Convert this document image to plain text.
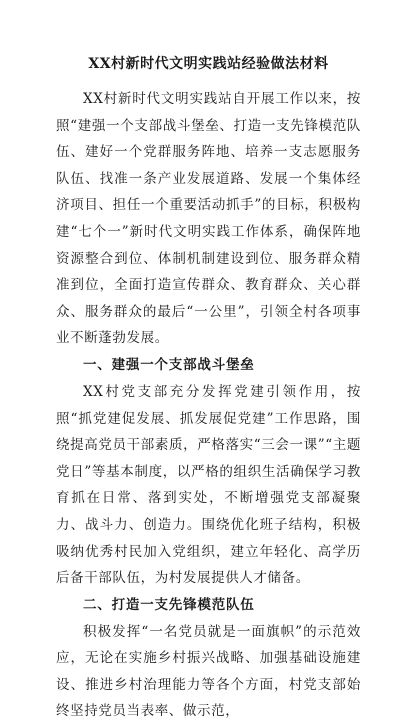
XX村新时代文明实践站经验做法材料

XX村新时代文明实践站自开展工作以来，按照“建强一个支部战斗堡垒、打造一支先锋模范队伍、建好一个党群服务阵地、培养一支志愿服务队伍、找准一条产业发展道路、发展一个集体经济项目、担任一个重要活动抓手”的目标，积极构建“七个一”新时代文明实践工作体系，确保阵地资源整合到位、体制机制建设到位、服务群众精准到位，全面打造宣传群众、教育群众、关心群众、服务群众的最后“一公里”，引领全村各项事业不断蓬勃发展。

一、建强一个支部战斗堡垒

XX村党支部充分发挥党建引领作用，按照“抓党建促发展、抓发展促党建”工作思路，围绕提高党员干部素质，严格落实“三会一课”“主题党日”等基本制度，以严格的组织生活确保学习教育抓在日常、落到实处，不断增强党支部凝聚力、战斗力、创造力。围绕优化班子结构，积极吸纳优秀村民加入党组织，建立年轻化、高学历后备干部队伍，为村发展提供人才储备。

二、打造一支先锋模范队伍

积极发挥“一名党员就是一面旗帜”的示范效应，无论在实施乡村振兴战略、加强基础设施建设、推进乡村治理能力等各个方面，村党支部始终坚持党员当表率、做示范，
